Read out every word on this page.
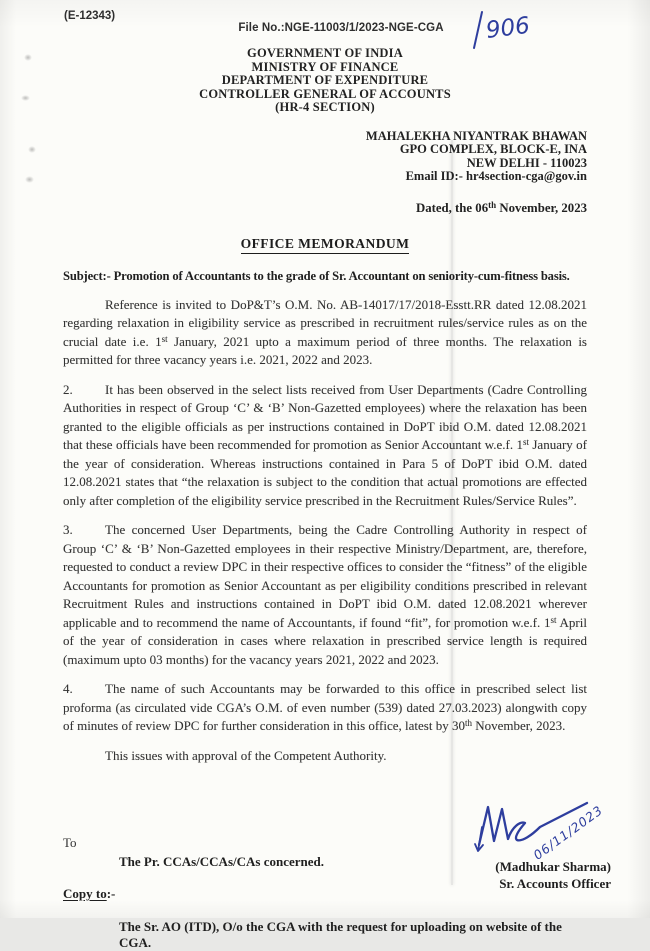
(E-12343)
File No.:NGE-11003/1/2023-NGE-CGA	906
GOVERNMENT OF INDIA
MINISTRY OF FINANCE
DEPARTMENT OF EXPENDITURE
CONTROLLER GENERAL OF ACCOUNTS
(HR-4 SECTION)
MAHALEKHA NIYANTRAK BHAWAN
GPO COMPLEX, BLOCK-E, INA
NEW DELHI - 110023
Email ID:- hr4section-cga@gov.in
Dated, the 06th November, 2023
OFFICE MEMORANDUM

Subject:- Promotion of Accountants to the grade of Sr. Accountant on seniority-cum-fitness basis.

Reference is invited to DoP&T’s O.M. No. AB-14017/17/2018-Esstt.RR dated 12.08.2021 regarding relaxation in eligibility service as prescribed in recruitment rules/service rules as on the crucial date i.e. 1st January, 2021 upto a maximum period of three months. The relaxation is permitted for three vacancy years i.e. 2021, 2022 and 2023.

2. It has been observed in the select lists received from User Departments (Cadre Controlling Authorities in respect of Group ‘C’ & ‘B’ Non-Gazetted employees) where the relaxation has been granted to the eligible officials as per instructions contained in DoPT ibid O.M. dated 12.08.2021 that these officials have been recommended for promotion as Senior Accountant w.e.f. 1st January of the year of consideration. Whereas instructions contained in Para 5 of DoPT ibid O.M. dated 12.08.2021 states that “the relaxation is subject to the condition that actual promotions are effected only after completion of the eligibility service prescribed in the Recruitment Rules/Service Rules”.

3. The concerned User Departments, being the Cadre Controlling Authority in respect of Group ‘C’ & ‘B’ Non-Gazetted employees in their respective Ministry/Department, are, therefore, requested to conduct a review DPC in their respective offices to consider the “fitness” of the eligible Accountants for promotion as Senior Accountant as per eligibility conditions prescribed in relevant Recruitment Rules and instructions contained in DoPT ibid O.M. dated 12.08.2021 wherever applicable and to recommend the name of Accountants, if found “fit”, for promotion w.e.f. 1st April of the year of consideration in cases where relaxation in prescribed service length is required (maximum upto 03 months) for the vacancy years 2021, 2022 and 2023.

4. The name of such Accountants may be forwarded to this office in prescribed select list proforma (as circulated vide CGA’s O.M. of even number (539) dated 27.03.2023) alongwith copy of minutes of review DPC for further consideration in this office, latest by 30th November, 2023.

This issues with approval of the Competent Authority.

06/11/2023
(Madhukar Sharma)
Sr. Accounts Officer
To
The Pr. CCAs/CCAs/CAs concerned.
Copy to:-
The Sr. AO (ITD), O/o the CGA with the request for uploading on website of the CGA.
